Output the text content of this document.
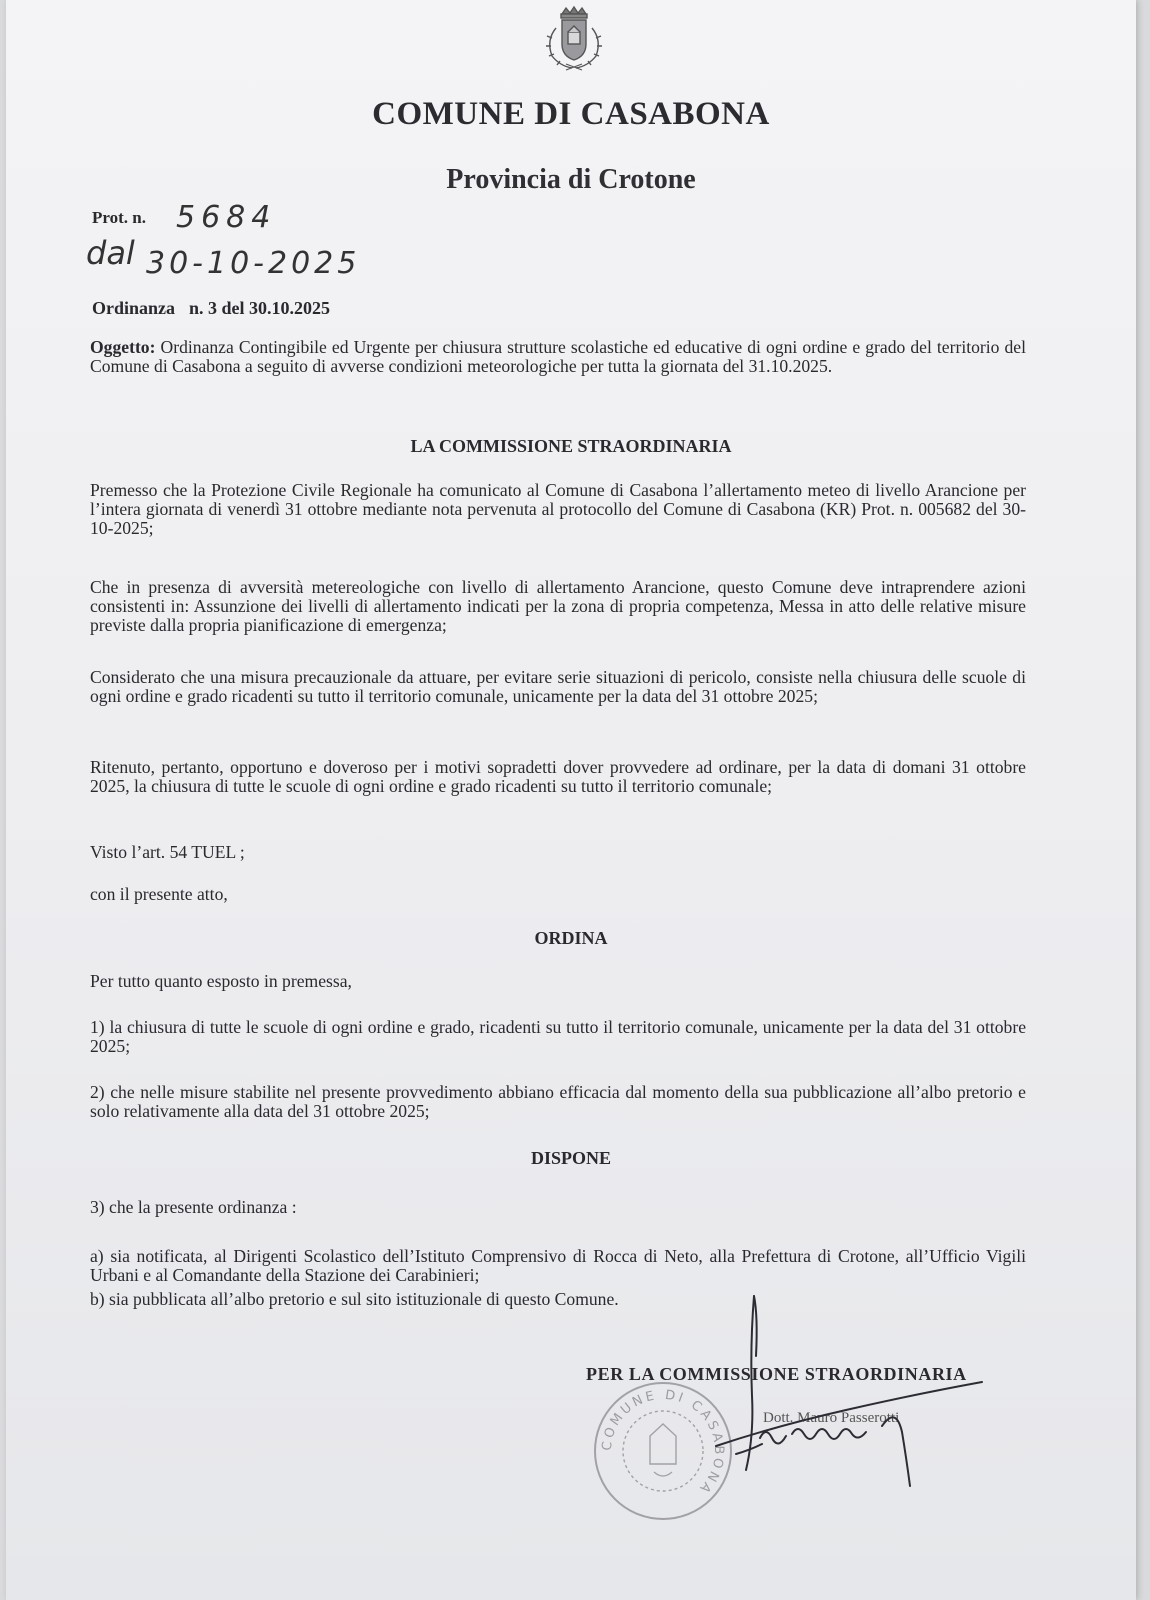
COMUNE DI CASABONA
Provincia di Crotone
Prot. n. 5684
dal 30-10-2025
Ordinanza n. 3 del 30.10.2025
Oggetto: Ordinanza Contingibile ed Urgente per chiusura strutture scolastiche ed educative di ogni ordine e grado del territorio del Comune di Casabona a seguito di avverse condizioni meteorologiche per tutta la giornata del 31.10.2025.
LA COMMISSIONE STRAORDINARIA
Premesso che la Protezione Civile Regionale ha comunicato al Comune di Casabona l’allertamento meteo di livello Arancione per l’intera giornata di venerdì 31 ottobre mediante nota pervenuta al protocollo del Comune di Casabona (KR) Prot. n. 005682 del 30-10-2025;
Che in presenza di avversità metereologiche con livello di allertamento Arancione, questo Comune deve intraprendere azioni consistenti in: Assunzione dei livelli di allertamento indicati per la zona di propria competenza, Messa in atto delle relative misure previste dalla propria pianificazione di emergenza;
Considerato che una misura precauzionale da attuare, per evitare serie situazioni di pericolo, consiste nella chiusura delle scuole di ogni ordine e grado ricadenti su tutto il territorio comunale, unicamente per la data del 31 ottobre 2025;
Ritenuto, pertanto, opportuno e doveroso per i motivi sopradetti dover provvedere ad ordinare, per la data di domani 31 ottobre 2025, la chiusura di tutte le scuole di ogni ordine e grado ricadenti su tutto il territorio comunale;
Visto l’art. 54 TUEL ;
con il presente atto,
ORDINA
Per tutto quanto esposto in premessa,
1) la chiusura di tutte le scuole di ogni ordine e grado, ricadenti su tutto il territorio comunale, unicamente per la data del 31 ottobre 2025;
2) che nelle misure stabilite nel presente provvedimento abbiano efficacia dal momento della sua pubblicazione all’albo pretorio e solo relativamente alla data del 31 ottobre 2025;
DISPONE
3) che la presente ordinanza :
a) sia notificata, al Dirigenti Scolastico dell’Istituto Comprensivo di Rocca di Neto, alla Prefettura di Crotone, all’Ufficio Vigili Urbani e al Comandante della Stazione dei Carabinieri;
b) sia pubblicata all’albo pretorio e sul sito istituzionale di questo Comune.
COMUNE DI CASABONA
PER LA COMMISSIONE STRAORDINARIA
Dott. Mauro Passerotti
